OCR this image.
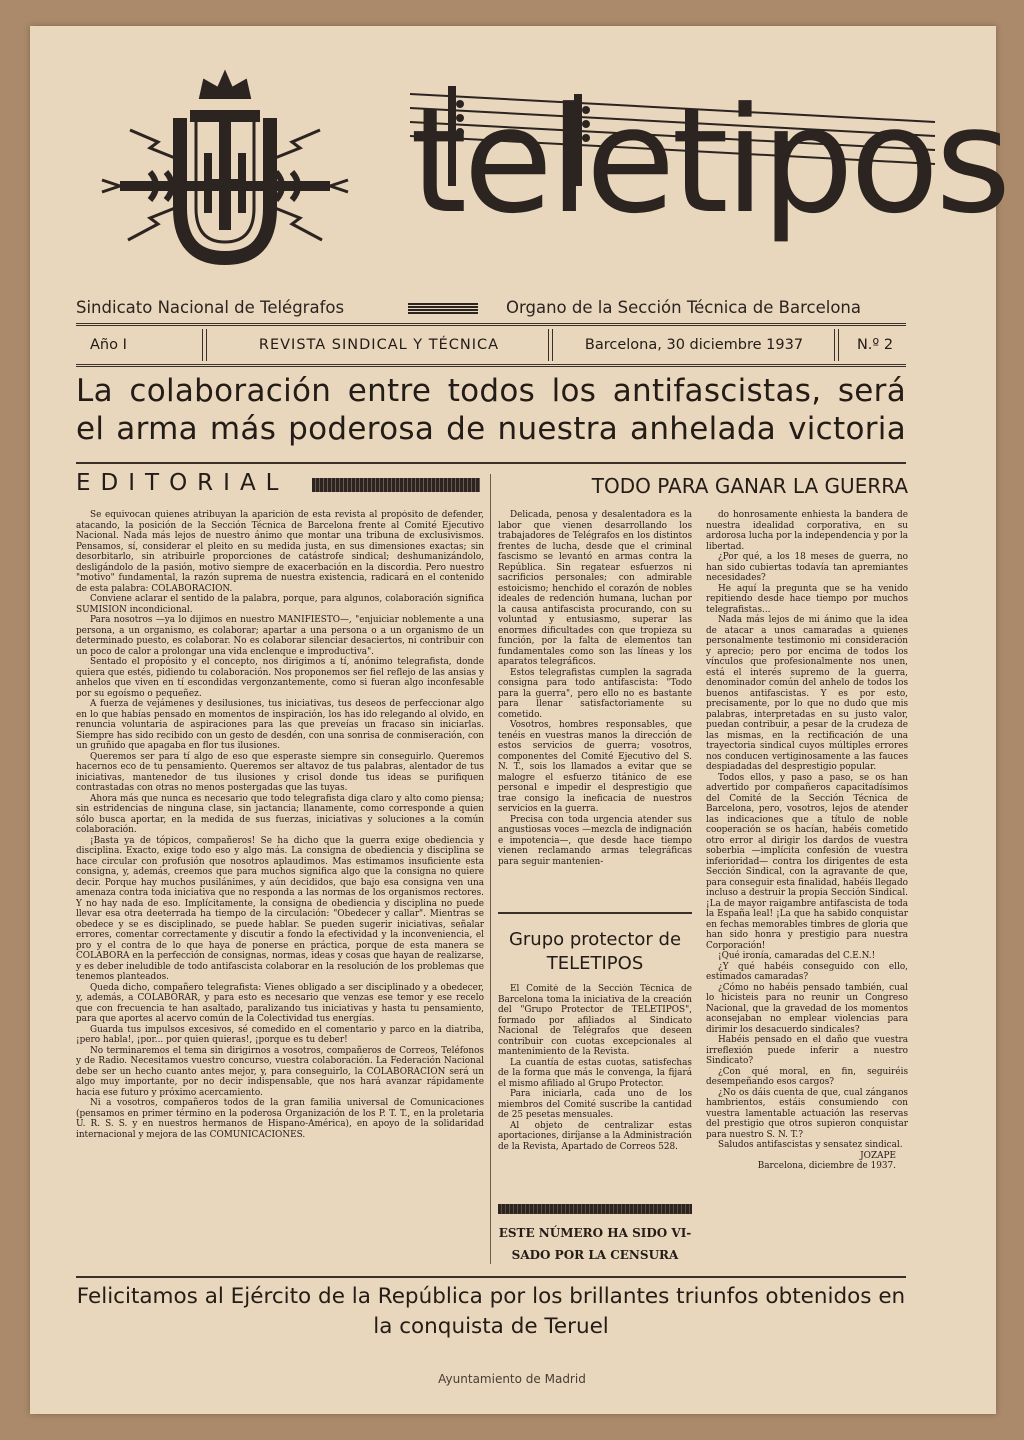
teletipos
Sindicato Nacional de Telégrafos	Organo de la Sección Técnica de Barcelona
Año I	REVISTA SINDICAL Y TÉCNICA	Barcelona, 30 diciembre 1937	N.º 2
La colaboración entre todos los antifascistas, será el arma más poderosa de nuestra anhelada victoria
EDITORIAL

Se equivocan quienes atribuyan la aparición de esta revista al propósito de defender, atacando, la posición de la Sección Técnica de Barcelona frente al Comité Ejecutivo Nacional. Nada más lejos de nuestro ánimo que montar una tribuna de exclusivismos. Pensamos, sí, considerar el pleito en su medida justa, en sus dimensiones exactas; sin desorbitarlo, sin atribuirle proporciones de catástrofe sindical; deshumanizándolo, desligándolo de la pasión, motivo siempre de exacerbación en la discordia. Pero nuestro "motivo" fundamental, la razón suprema de nuestra existencia, radicará en el contenido de esta palabra: COLABORACION.

Conviene aclarar el sentido de la palabra, porque, para algunos, colaboración significa SUMISION incondicional.

Para nosotros —ya lo dijimos en nuestro MANIFIESTO—, "enjuiciar noblemente a una persona, a un organismo, es colaborar; apartar a una persona o a un organismo de un determinado puesto, es colaborar. No es colaborar silenciar desaciertos, ni contribuir con un poco de calor a prolongar una vida enclenque e improductiva".

Sentado el propósito y el concepto, nos dirigimos a tí, anónimo telegrafista, donde quiera que estés, pidiendo tu colaboración. Nos proponemos ser fiel reflejo de las ansias y anhelos que viven en tí escondidas vergonzantemente, como si fueran algo inconfesable por su egoísmo o pequeñez.

A fuerza de vejámenes y desilusiones, tus iniciativas, tus deseos de perfeccionar algo en lo que habías pensado en momentos de inspiración, los has ido relegando al olvido, en renuncia voluntaria de aspiraciones para las que preveías un fracaso sin iniciarlas. Siempre has sido recibido con un gesto de desdén, con una sonrisa de conmiseración, con un gruñido que apagaba en flor tus ilusiones.

Queremos ser para tí algo de eso que esperaste siempre sin conseguirlo. Queremos hacernos eco de tu pensamiento. Queremos ser altavoz de tus palabras, alentador de tus iniciativas, mantenedor de tus ilusiones y crisol donde tus ideas se purifiquen contrastadas con otras no menos postergadas que las tuyas.

Ahora más que nunca es necesario que todo telegrafista diga claro y alto como piensa; sin estridencias de ninguna clase, sin jactancia; llanamente, como corresponde a quien sólo busca aportar, en la medida de sus fuerzas, iniciativas y soluciones a la común colaboración.

¡Basta ya de tópicos, compañeros! Se ha dicho que la guerra exige obediencia y disciplina. Exacto, exige todo eso y algo más. La consigna de obediencia y disciplina se hace circular con profusión que nosotros aplaudimos. Mas estimamos insuficiente esta consigna, y, además, creemos que para muchos significa algo que la consigna no quiere decir. Porque hay muchos pusilánimes, y aún decididos, que bajo esa consigna ven una amenaza contra toda iniciativa que no responda a las normas de los organismos rectores. Y no hay nada de eso. Implícitamente, la consigna de obediencia y disciplina no puede llevar esa otra deeterrada ha tiempo de la circulación: "Obedecer y callar". Mientras se obedece y se es disciplinado, se puede hablar. Se pueden sugerir iniciativas, señalar errores, comentar correctamente y discutir a fondo la efectividad y la inconveniencia, el pro y el contra de lo que haya de ponerse en práctica, porque de esta manera se COLABORA en la perfección de consignas, normas, ideas y cosas que hayan de realizarse, y es deber ineludible de todo antifascista colaborar en la resolución de los problemas que tenemos planteados.

Queda dicho, compañero telegrafista: Vienes obligado a ser disciplinado y a obedecer, y, además, a COLABORAR, y para esto es necesario que venzas ese temor y ese recelo que con frecuencia te han asaltado, paralizando tus iniciativas y hasta tu pensamiento, para que aportes al acervo común de la Colectividad tus energías.

Guarda tus impulsos excesivos, sé comedido en el comentario y parco en la diatriba, ¡pero habla!, ¡por... por quien quieras!, ¡porque es tu deber!

No terminaremos el tema sin dirigirnos a vosotros, compañeros de Correos, Teléfonos y de Radio. Necesitamos vuestro concurso, vuestra colaboración. La Federación Nacional debe ser un hecho cuanto antes mejor, y, para conseguirlo, la COLABORACION será un algo muy importante, por no decir indispensable, que nos hará avanzar rápidamente hacia ese futuro y próximo acercamiento.

Ni a vosotros, compañeros todos de la gran familia universal de Comunicaciones (pensamos en primer término en la poderosa Organización de los P. T. T., en la proletaria U. R. S. S. y en nuestros hermanos de Hispano-América), en apoyo de la solidaridad internacional y mejora de las COMUNICACIONES.

TODO PARA GANAR LA GUERRA

Delicada, penosa y desalentadora es la labor que vienen desarrollando los trabajadores de Telégrafos en los distintos frentes de lucha, desde que el criminal fascismo se levantó en armas contra la República. Sin regatear esfuerzos ni sacrificios personales; con admirable estoicismo; henchido el corazón de nobles ideales de redención humana, luchan por la causa antifascista procurando, con su voluntad y entusiasmo, superar las enormes dificultades con que tropieza su función, por la falta de elementos tan fundamentales como son las líneas y los aparatos telegráficos.

Estos telegrafistas cumplen la sagrada consigna para todo antifascista: "Todo para la guerra", pero ello no es bastante para llenar satisfactoriamente su cometido.

Vosotros, hombres responsables, que tenéis en vuestras manos la dirección de estos servicios de guerra; vosotros, componentes del Comité Ejecutivo del S. N. T., sois los llamados a evitar que se malogre el esfuerzo titánico de ese personal e impedir el desprestigio que trae consigo la ineficacia de nuestros servicios en la guerra.

Precisa con toda urgencia atender sus angustiosas voces —mezcla de indignación e impotencia—, que desde hace tiempo vienen reclamando armas telegráficas para seguir mantenien-

do honrosamente enhiesta la bandera de nuestra idealidad corporativa, en su ardorosa lucha por la independencia y por la libertad.

¿Por qué, a los 18 meses de guerra, no han sido cubiertas todavía tan apremiantes necesidades?

He aquí la pregunta que se ha venido repitiendo desde hace tiempo por muchos telegrafistas...

Nada más lejos de mi ánimo que la idea de atacar a unos camaradas a quienes personalmente testimonio mi consideración y aprecio; pero por encima de todos los vínculos que profesionalmente nos unen, está el interés supremo de la guerra, denominador común del anhelo de todos los buenos antifascistas. Y es por esto, precisamente, por lo que no dudo que mis palabras, interpretadas en su justo valor, puedan contribuir, a pesar de la crudeza de las mismas, en la rectificación de una trayectoria sindical cuyos múltiples errores nos conducen vertiginosamente a las fauces despiadadas del desprestigio popular.

Todos ellos, y paso a paso, se os han advertido por compañeros capacitadísimos del Comité de la Sección Técnica de Barcelona, pero, vosotros, lejos de atender las indicaciones que a título de noble cooperación se os hacían, habéis cometido otro error al dirigir los dardos de vuestra soberbia —implícita confesión de vuestra inferioridad— contra los dirigentes de esta Sección Sindical, con la agravante de que, para conseguir esta finalidad, habéis llegado incluso a destruir la propia Sección Sindical. ¡La de mayor raigambre antifascista de toda la España leal! ¡La que ha sabido conquistar en fechas memorables timbres de gloria que han sido honra y prestigio para nuestra Corporación!

¡Qué ironía, camaradas del C.E.N.!

¿Y qué habéis conseguido con ello, estimados camaradas?

¿Cómo no habéis pensado también, cual lo hicisteis para no reunir un Congreso Nacional, que la gravedad de los momentos aconsejaban no emplear violencias para dirimir los desacuerdo sindicales?

Habéis pensado en el daño que vuestra irreflexión puede inferir a nuestro Sindicato?

¿Con qué moral, en fin, seguiréis desempeñando esos cargos?

¿No os dáis cuenta de que, cual zánganos hambrientos, estáis consumiendo con vuestra lamentable actuación las reservas del prestigio que otros supieron conquistar para nuestro S. N. T.?

Saludos antifascistas y sensatez sindical.

JOZAPE

Barcelona, diciembre de 1937.

Grupo protector de
TELETIPOS

El Comité de la Sección Técnica de Barcelona toma la iniciativa de la creación del "Grupo Protector de TELETIPOS", formado por afiliados al Sindicato Nacional de Telégrafos que deseen contribuir con cuotas excepcionales al mantenimiento de la Revista.

La cuantía de estas cuotas, satisfechas de la forma que más le convenga, la fijará el mismo afiliado al Grupo Protector.

Para iniciarla, cada uno de los miembros del Comité suscribe la cantidad de 25 pesetas mensuales.

Al objeto de centralizar estas aportaciones, diríjanse a la Administración de la Revista, Apartado de Correos 528.

ESTE NÚMERO HA SIDO VI-
SADO POR LA CENSURA
Felicitamos al Ejército de la República por los brillantes triunfos obtenidos en la conquista de Teruel
Ayuntamiento de Madrid
